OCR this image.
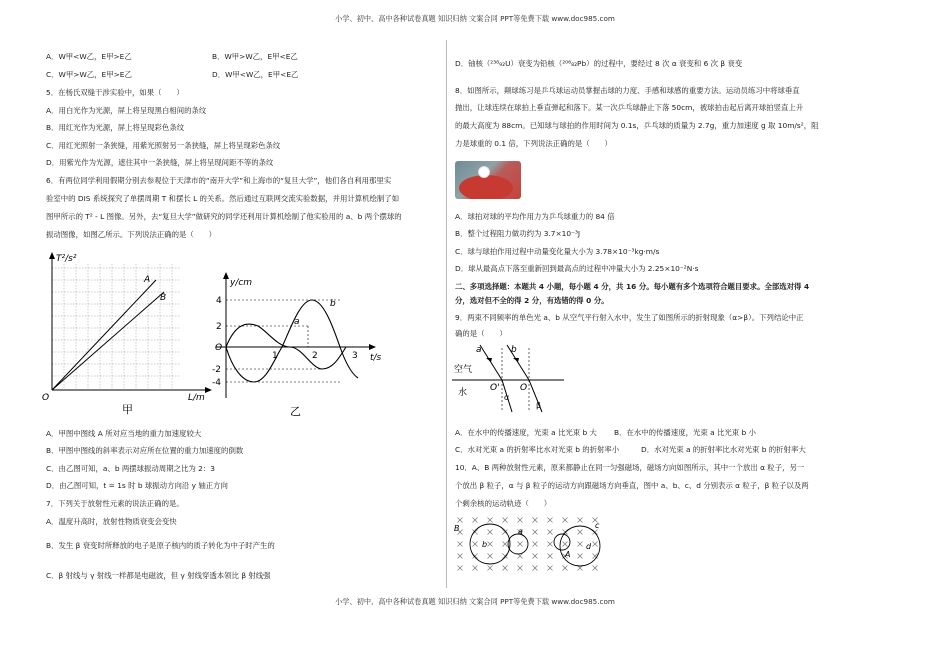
小学、初中、高中各种试卷真题 知识归纳 文案合同 PPT等免费下载 www.doc985.com
A．W甲<W乙，E甲>E乙	B．W甲>W乙，E甲<E乙
C．W甲>W乙，E甲>E乙	D．W甲<W乙，E甲<E乙
5．在杨氏双缝干涉实验中，如果（　　）
A．用白光作为光源，屏上将呈现黑白相间的条纹
B．用红光作为光源，屏上将呈现彩色条纹
C．用红光照射一条狭缝，用紫光照射另一条狭缝，屏上将呈现彩色条纹
D．用紫光作为光源，遮住其中一条狭缝，屏上将呈现间距不等的条纹
6．有两位同学利用假期分别去参观位于天津市的“南开大学”和上海市的“复旦大学”，他们各自利用那里实
验室中的 DIS 系统探究了单摆周期 T 和摆长 L 的关系。然后通过互联网交流实验数据，并用计算机绘制了如
图甲所示的 T² - L 图像。另外，去“复旦大学”做研究的同学还利用计算机绘制了他实验用的 a、b 两个摆球的
振动图像，如图乙所示。下列说法正确的是（　　）
T²/s²
L/m
O
A
B
甲
y/cm
t/s
O
4
2
-2
-4
1	2	3
a
b
乙
A．甲图中图线 A 所对应当地的重力加速度较大
B．甲图中图线的斜率表示对应所在位置的重力加速度的倒数
C．由乙图可知，a、b 两摆球振动周期之比为 2：3
D．由乙图可知，t = 1s 时 b 球振动方向沿 y 轴正方向
7．下列关于放射性元素的说法正确的是。
A．温度升高时，放射性物质衰变会变快
B．发生 β 衰变时所释放的电子是原子核内的质子转化为中子时产生的
C．β 射线与 γ 射线一样都是电磁波，但 γ 射线穿透本领比 β 射线强
D．铀核（²³⁸₉₂U）衰变为铅核（²⁰⁶₈₂Pb）的过程中，要经过 8 次 α 衰变和 6 次 β 衰变
8．如图所示，颠球练习是乒乓球运动员掌握击球的力度、手感和球感的重要方法。运动员练习中将球垂直
抛出，让球连续在球拍上垂直弹起和落下。某一次乒乓球静止下落 50cm，被球拍击起后离开球拍竖直上升
的最大高度为 88cm。已知球与球拍的作用时间为 0.1s，乒乓球的质量为 2.7g，重力加速度 g 取 10m/s²，阻
力是球重的 0.1 倍，下列说法正确的是（　　）
A．球拍对球的平均作用力为乒乓球重力的 84 倍
B．整个过程阻力做功约为 3.7×10⁻³J
C．球与球拍作用过程中动量变化量大小为 3.78×10⁻³kg·m/s
D．球从最高点下落至重新回到最高点的过程中冲量大小为 2.25×10⁻²N·s
二、多项选择题：本题共 4 小题，每小题 4 分，共 16 分。每小题有多个选项符合题目要求。全部选对得 4
分，选对但不全的得 2 分，有选错的得 0 分。
9．两束不同频率的单色光 a、b 从空气平行射入水中，发生了如图所示的折射现象（α>β）。下列结论中正
确的是（　　）
空气
水
a	b
O' O
α
β
A．在水中的传播速度，光束 a 比光束 b 大 B．在水中的传播速度，光束 a 比光束 b 小
C．水对光束 a 的折射率比水对光束 b 的折射率小	D．水对光束 a 的折射率比水对光束 b 的折射率大
10．A、B 两种放射性元素，原来都静止在同一匀强磁场，磁场方向如图所示，其中一个放出 α 粒子，另一
个放出 β 粒子，α 与 β 粒子的运动方向跟磁场方向垂直，图中 a、b、c、d 分别表示 α 粒子，β 粒子以及两
个剩余核的运动轨迹（　　）
B
A
a
b
c
d
小学、初中、高中各种试卷真题 知识归纳 文案合同 PPT等免费下载 www.doc985.com
